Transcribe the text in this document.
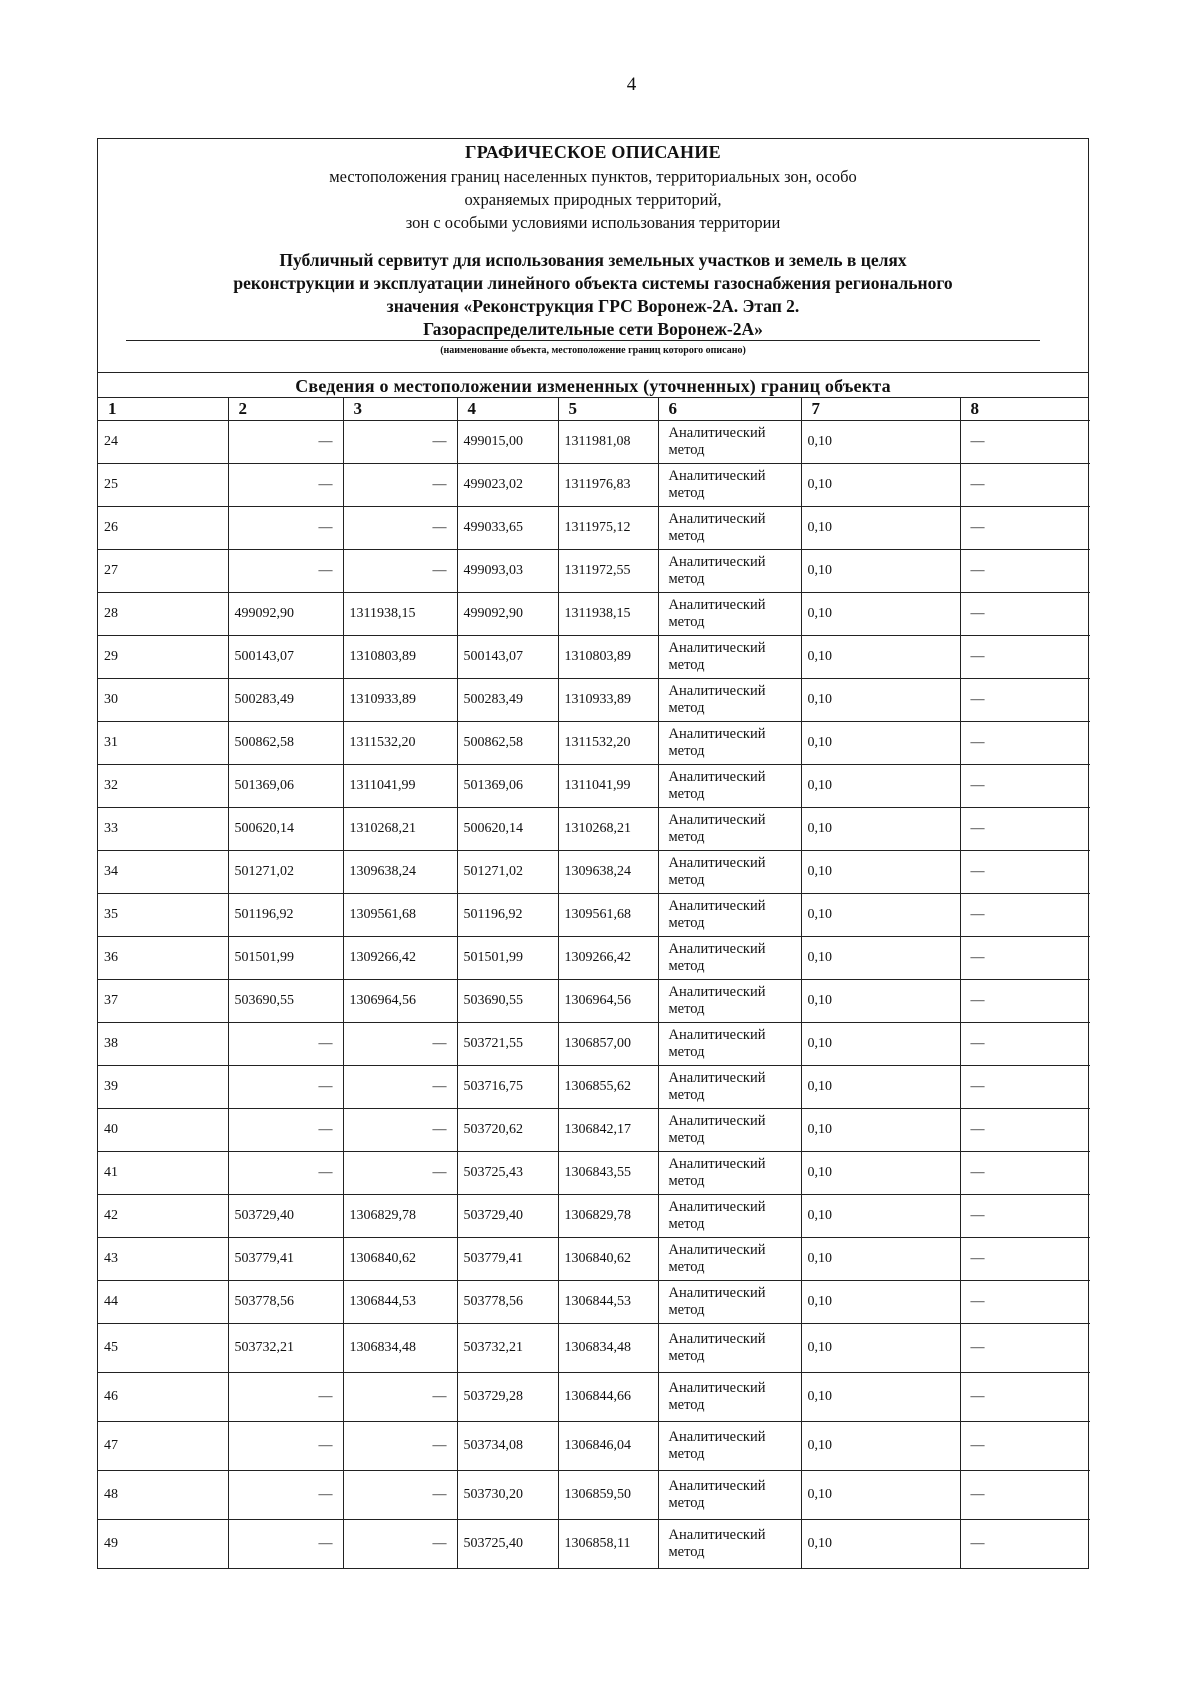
4
ГРАФИЧЕСКОЕ ОПИСАНИЕ
местоположения границ населенных пунктов, территориальных зон, особо
охраняемых природных территорий,
зон с особыми условиями использования территории
Публичный сервитут для использования земельных участков и земель в целях
реконструкции и эксплуатации линейного объекта системы газоснабжения регионального
значения «Реконструкция ГРС Воронеж-2А. Этап 2.
Газораспределительные сети Воронеж-2А»
(наименование объекта, местоположение границ которого описано)
Сведения о местоположении измененных (уточненных) границ объекта
1	2	3	4	5	6	7	8
24	—	—	499015,00	1311981,08	Аналитический метод	0,10	—
25	—	—	499023,02	1311976,83	Аналитический метод	0,10	—
26	—	—	499033,65	1311975,12	Аналитический метод	0,10	—
27	—	—	499093,03	1311972,55	Аналитический метод	0,10	—
28	499092,90	1311938,15	499092,90	1311938,15	Аналитический метод	0,10	—
29	500143,07	1310803,89	500143,07	1310803,89	Аналитический метод	0,10	—
30	500283,49	1310933,89	500283,49	1310933,89	Аналитический метод	0,10	—
31	500862,58	1311532,20	500862,58	1311532,20	Аналитический метод	0,10	—
32	501369,06	1311041,99	501369,06	1311041,99	Аналитический метод	0,10	—
33	500620,14	1310268,21	500620,14	1310268,21	Аналитический метод	0,10	—
34	501271,02	1309638,24	501271,02	1309638,24	Аналитический метод	0,10	—
35	501196,92	1309561,68	501196,92	1309561,68	Аналитический метод	0,10	—
36	501501,99	1309266,42	501501,99	1309266,42	Аналитический метод	0,10	—
37	503690,55	1306964,56	503690,55	1306964,56	Аналитический метод	0,10	—
38	—	—	503721,55	1306857,00	Аналитический метод	0,10	—
39	—	—	503716,75	1306855,62	Аналитический метод	0,10	—
40	—	—	503720,62	1306842,17	Аналитический метод	0,10	—
41	—	—	503725,43	1306843,55	Аналитический метод	0,10	—
42	503729,40	1306829,78	503729,40	1306829,78	Аналитический метод	0,10	—
43	503779,41	1306840,62	503779,41	1306840,62	Аналитический метод	0,10	—
44	503778,56	1306844,53	503778,56	1306844,53	Аналитический метод	0,10	—
45	503732,21	1306834,48	503732,21	1306834,48	Аналитический метод	0,10	—
46	—	—	503729,28	1306844,66	Аналитический метод	0,10	—
47	—	—	503734,08	1306846,04	Аналитический метод	0,10	—
48	—	—	503730,20	1306859,50	Аналитический метод	0,10	—
49	—	—	503725,40	1306858,11	Аналитический метод	0,10	—
